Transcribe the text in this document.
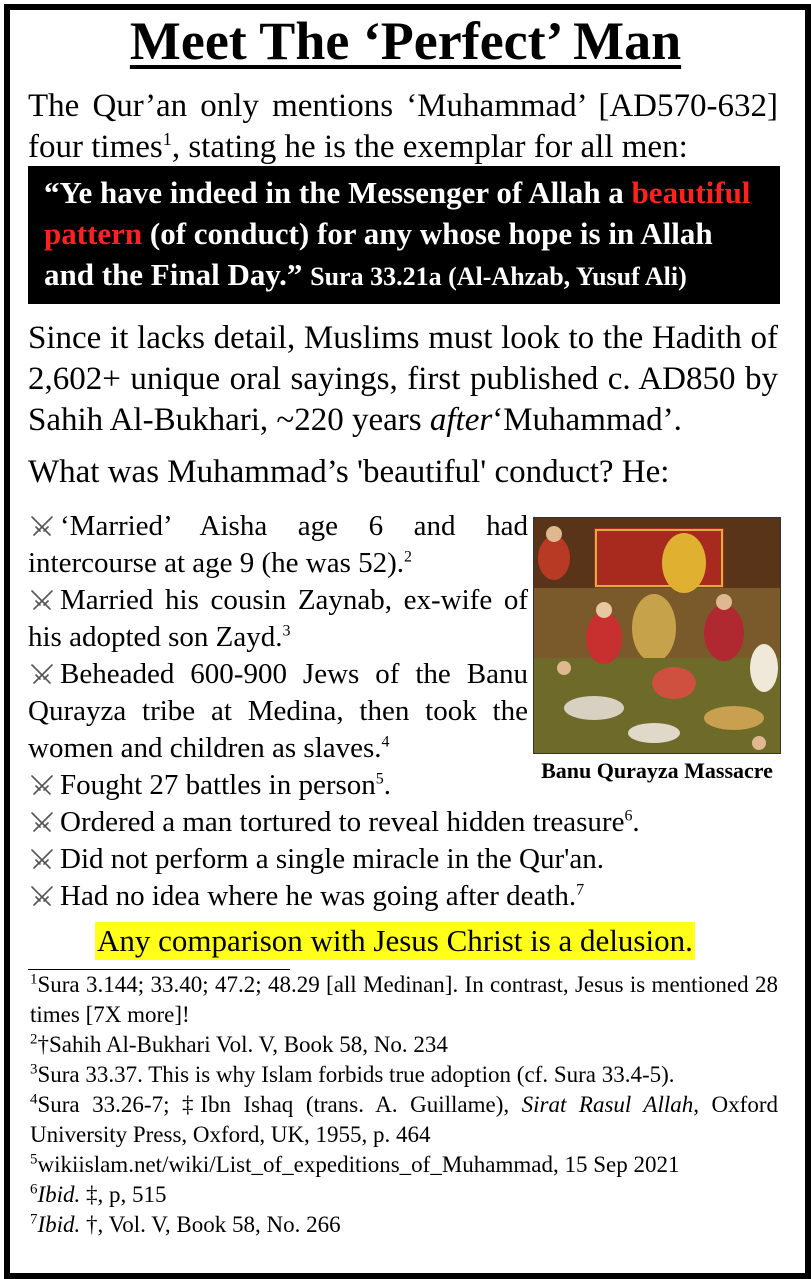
Meet The ‘Perfect’ Man
The Qur’an only mentions ‘Muhammad’ [AD570-632]
four times$^1$, stating he is the exemplar for all men:
“Ye have indeed in the Messenger of Allah a beautiful
pattern (of conduct) for any whose hope is in Allah and the Final Day.” Sura 33.21a (Al-Ahzab, Yusuf Ali)
Since it lacks detail, Muslims must look to the Hadith of
2,602+ unique oral sayings, first published c. AD850 by
Sahih Al-Bukhari, ~220 years after‘Muhammad’.
What was Muhammad’s 'beautiful' conduct? He:
‘Married’ Aisha age 6 and had intercourse at age 9 (he was 52).$^2$
Married his cousin Zaynab, ex-wife of his adopted son Zayd.$^3$
Beheaded 600-900 Jews of the Banu Qurayza tribe at Medina, then took the women and children as slaves.$^4$
Fought 27 battles in person$^5$.
Ordered a man tortured to reveal hidden treasure$^6$.
Did not perform a single miracle in the Qur'an.
Had no idea where he was going after death.$^7$
Banu Qurayza Massacre
Any comparison with Jesus Christ is a delusion.
$^1$Sura 3.144; 33.40; 47.2; 48.29 [all Medinan]. In contrast, Jesus is mentioned 28 times [7X more]!
$^2$†Sahih Al-Bukhari Vol. V, Book 58, No. 234
$^3$Sura 33.37. This is why Islam forbids true adoption (cf. Sura 33.4-5).
$^4$Sura 33.26-7; ‡Ibn Ishaq (trans. A. Guillame), Sirat Rasul Allah, Oxford University Press, Oxford, UK, 1955, p. 464
$^5$wikiislam.net/wiki/List_of_expeditions_of_Muhammad, 15 Sep 2021
$^6$Ibid. ‡, p, 515
$^7$Ibid. †, Vol. V, Book 58, No. 266
